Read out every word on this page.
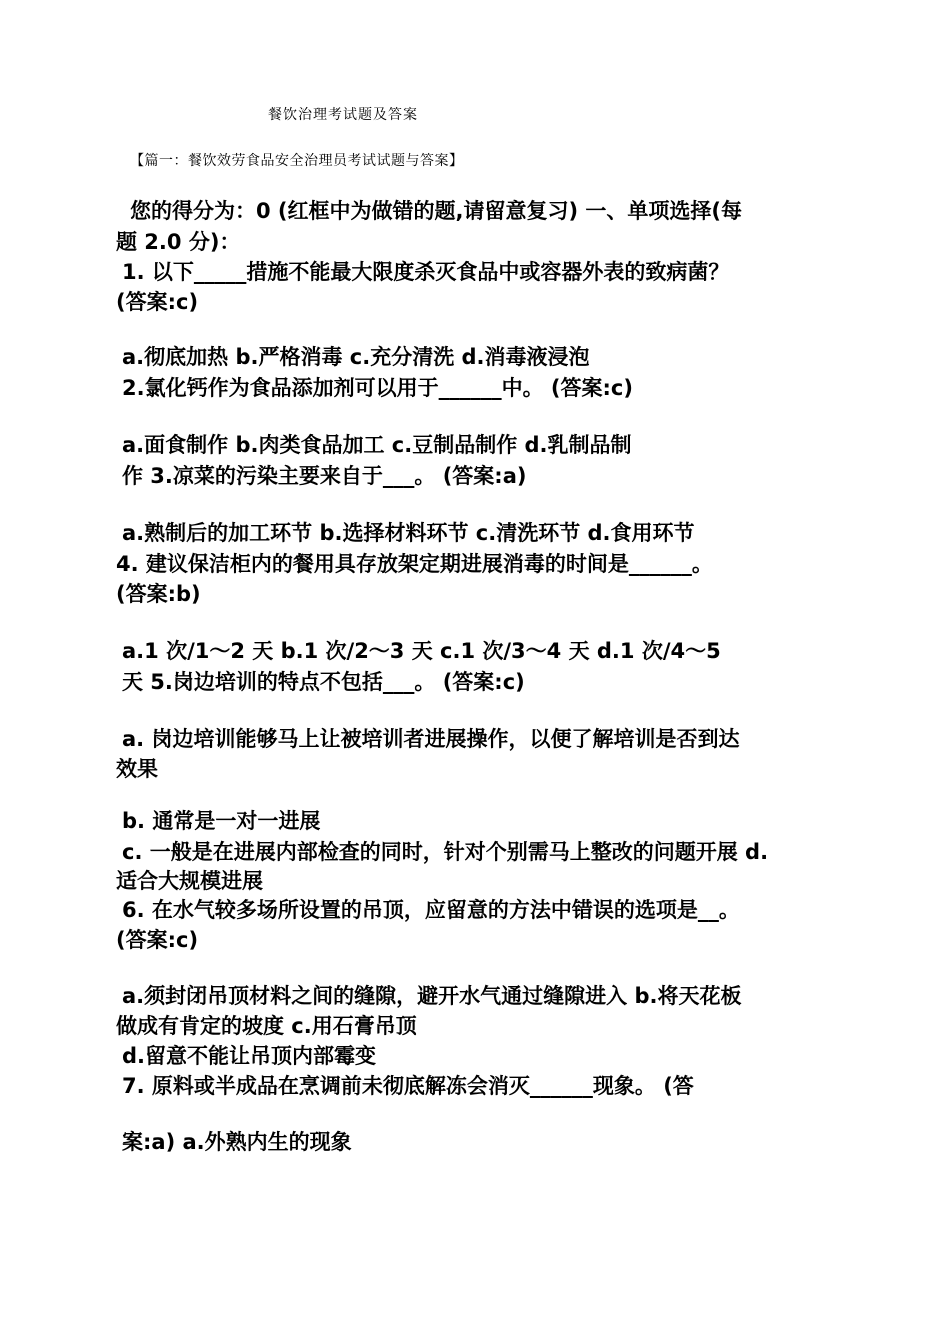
餐饮治理考试题及答案
【篇一：餐饮效劳食品安全治理员考试试题与答案】
您的得分为：0 (红框中为做错的题,请留意复习) 一、单项选择(每
题 2.0 分)：
1. 以下_____措施不能最大限度杀灭食品中或容器外表的致病菌？
(答案:c)
a.彻底加热 b.严格消毒 c.充分清洗 d.消毒液浸泡
2.氯化钙作为食品添加剂可以用于______中。 (答案:c)
a.面食制作 b.肉类食品加工 c.豆制品制作 d.乳制品制
作 3.凉菜的污染主要来自于___。 (答案:a)
a.熟制后的加工环节 b.选择材料环节 c.清洗环节 d.食用环节
4. 建议保洁柜内的餐用具存放架定期进展消毒的时间是______。
(答案:b)
a.1 次/1～2 天 b.1 次/2～3 天 c.1 次/3～4 天 d.1 次/4～5
天 5.岗边培训的特点不包括___。 (答案:c)
a. 岗边培训能够马上让被培训者进展操作，以便了解培训是否到达
效果
b. 通常是一对一进展
c. 一般是在进展内部检查的同时，针对个别需马上整改的问题开展 d.
适合大规模进展
6. 在水气较多场所设置的吊顶，应留意的方法中错误的选项是__。
(答案:c)
a.须封闭吊顶材料之间的缝隙，避开水气通过缝隙进入 b.将天花板
做成有肯定的坡度 c.用石膏吊顶
d.留意不能让吊顶内部霉变
7. 原料或半成品在烹调前未彻底解冻会消灭______现象。 (答
案:a) a.外熟内生的现象
